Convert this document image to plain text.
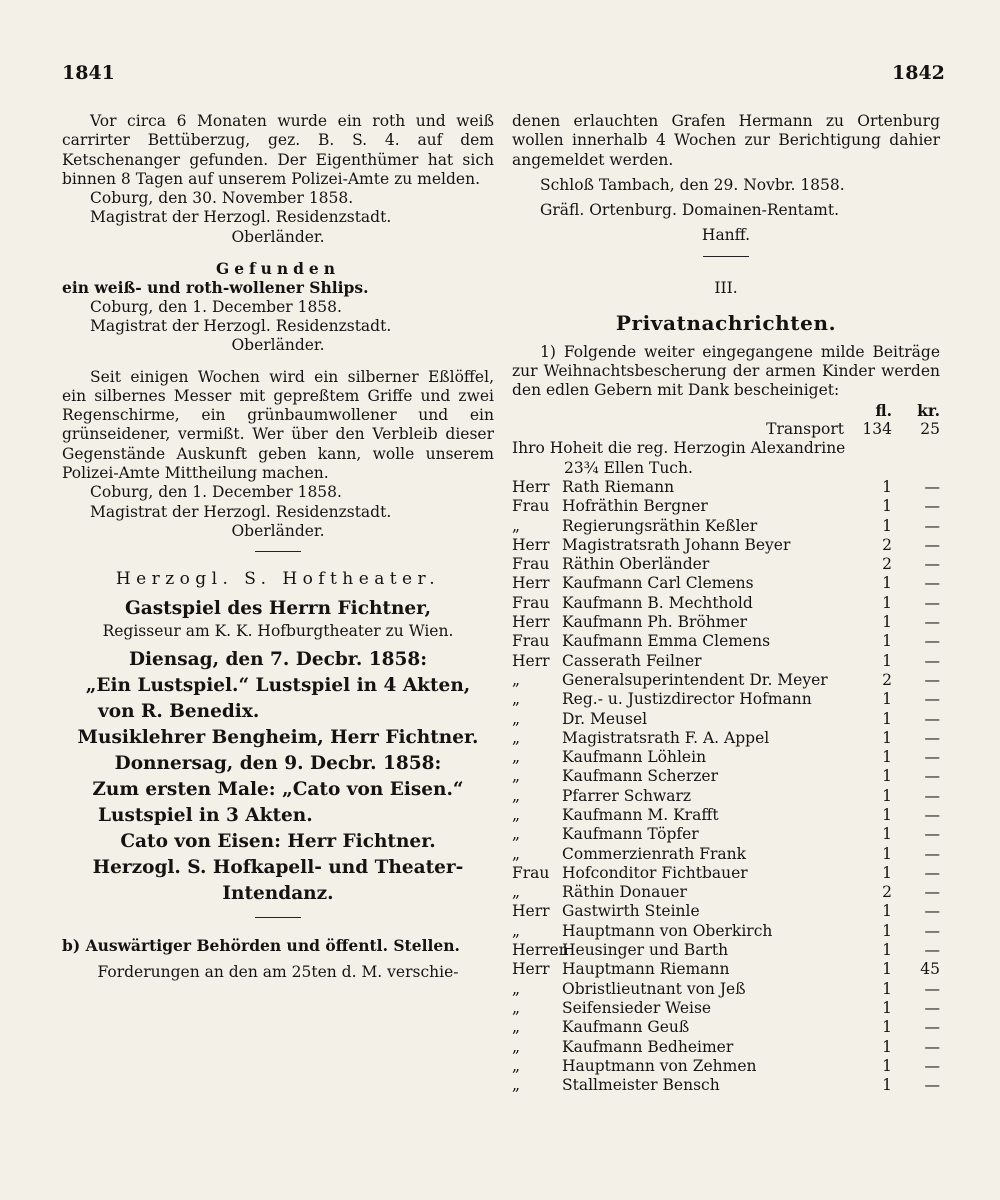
1841	1842

Vor circa 6 Monaten wurde ein roth und weiß carrirter Bettüberzug, gez. B. S. 4. auf dem Ketschenanger gefunden. Der Eigenthümer hat sich binnen 8 Tagen auf unserem Polizei-Amte zu melden.

Coburg, den 30. November 1858.

Magistrat der Herzogl. Residenzstadt.

Oberländer.

Gefunden

ein weiß- und roth-wollener Shlips.

Coburg, den 1. December 1858.

Magistrat der Herzogl. Residenzstadt.

Oberländer.

Seit einigen Wochen wird ein silberner Eßlöffel, ein silbernes Messer mit gepreßtem Griffe und zwei Regenschirme, ein grünbaumwollener und ein grünseidener, vermißt. Wer über den Verbleib dieser Gegenstände Auskunft geben kann, wolle unserem Polizei-Amte Mittheilung machen.

Coburg, den 1. December 1858.

Magistrat der Herzogl. Residenzstadt.

Oberländer.

Herzogl. S. Hoftheater.

Gastspiel des Herrn Fichtner,

Regisseur am K. K. Hofburgtheater zu Wien.

Diensag, den 7. Decbr. 1858:

„Ein Lustspiel.“ Lustspiel in 4 Akten,

von R. Benedix.

Musiklehrer Bengheim, Herr Fichtner.

Donnersag, den 9. Decbr. 1858:

Zum ersten Male: „Cato von Eisen.“

Lustspiel in 3 Akten.

Cato von Eisen: Herr Fichtner.

Herzogl. S. Hofkapell- und Theater-

Intendanz.

b) Auswärtiger Behörden und öffentl. Stellen.

Forderungen an den am 25ten d. M. verschie-

denen erlauchten Grafen Hermann zu Ortenburg wollen innerhalb 4 Wochen zur Berichtigung dahier angemeldet werden.

Schloß Tambach, den 29. Novbr. 1858.

Gräfl. Ortenburg. Domainen-Rentamt.

Hanff.

III.

Privatnachrichten.

1) Folgende weiter eingegangene milde Beiträge zur Weihnachtsbescherung der armen Kinder werden den edlen Gebern mit Dank bescheiniget:

fl.	kr.
Transport	134	25

Ihro Hoheit die reg. Herzogin Alexandrine

23¾ Ellen Tuch.

Herr Rath Riemann	1	—
Frau Hofräthin Bergner	1	—
„	Regierungsräthin Keßler	1	—
Herr Magistratsrath Johann Beyer	2	—
Frau Räthin Oberländer	2	—
Herr Kaufmann Carl Clemens	1	—
Frau Kaufmann B. Mechthold	1	—
Herr Kaufmann Ph. Bröhmer	1	—
Frau Kaufmann Emma Clemens	1	—
Herr Casserath Feilner	1	—
„	Generalsuperintendent Dr. Meyer	2	—
„	Reg.- u. Justizdirector Hofmann	1	—
„	Dr. Meusel	1	—
„	Magistratsrath F. A. Appel	1	—
„	Kaufmann Löhlein	1	—
„	Kaufmann Scherzer	1	—
„	Pfarrer Schwarz	1	—
„	Kaufmann M. Krafft	1	—
„	Kaufmann Töpfer	1	—
„	Commerzienrath Frank	1	—
Frau Hofconditor Fichtbauer	1	—
„	Räthin Donauer	2	—
Herr Gastwirth Steinle	1	—
„	Hauptmann von Oberkirch	1	—
Herren
Heusinger und Barth	1	—
Herr Hauptmann Riemann	1	45
„	Obristlieutnant von Jeß	1	—
„	Seifensieder Weise	1	—
„	Kaufmann Geuß	1	—
„	Kaufmann Bedheimer	1	—
„	Hauptmann von Zehmen	1	—
„	Stallmeister Bensch	1	—
